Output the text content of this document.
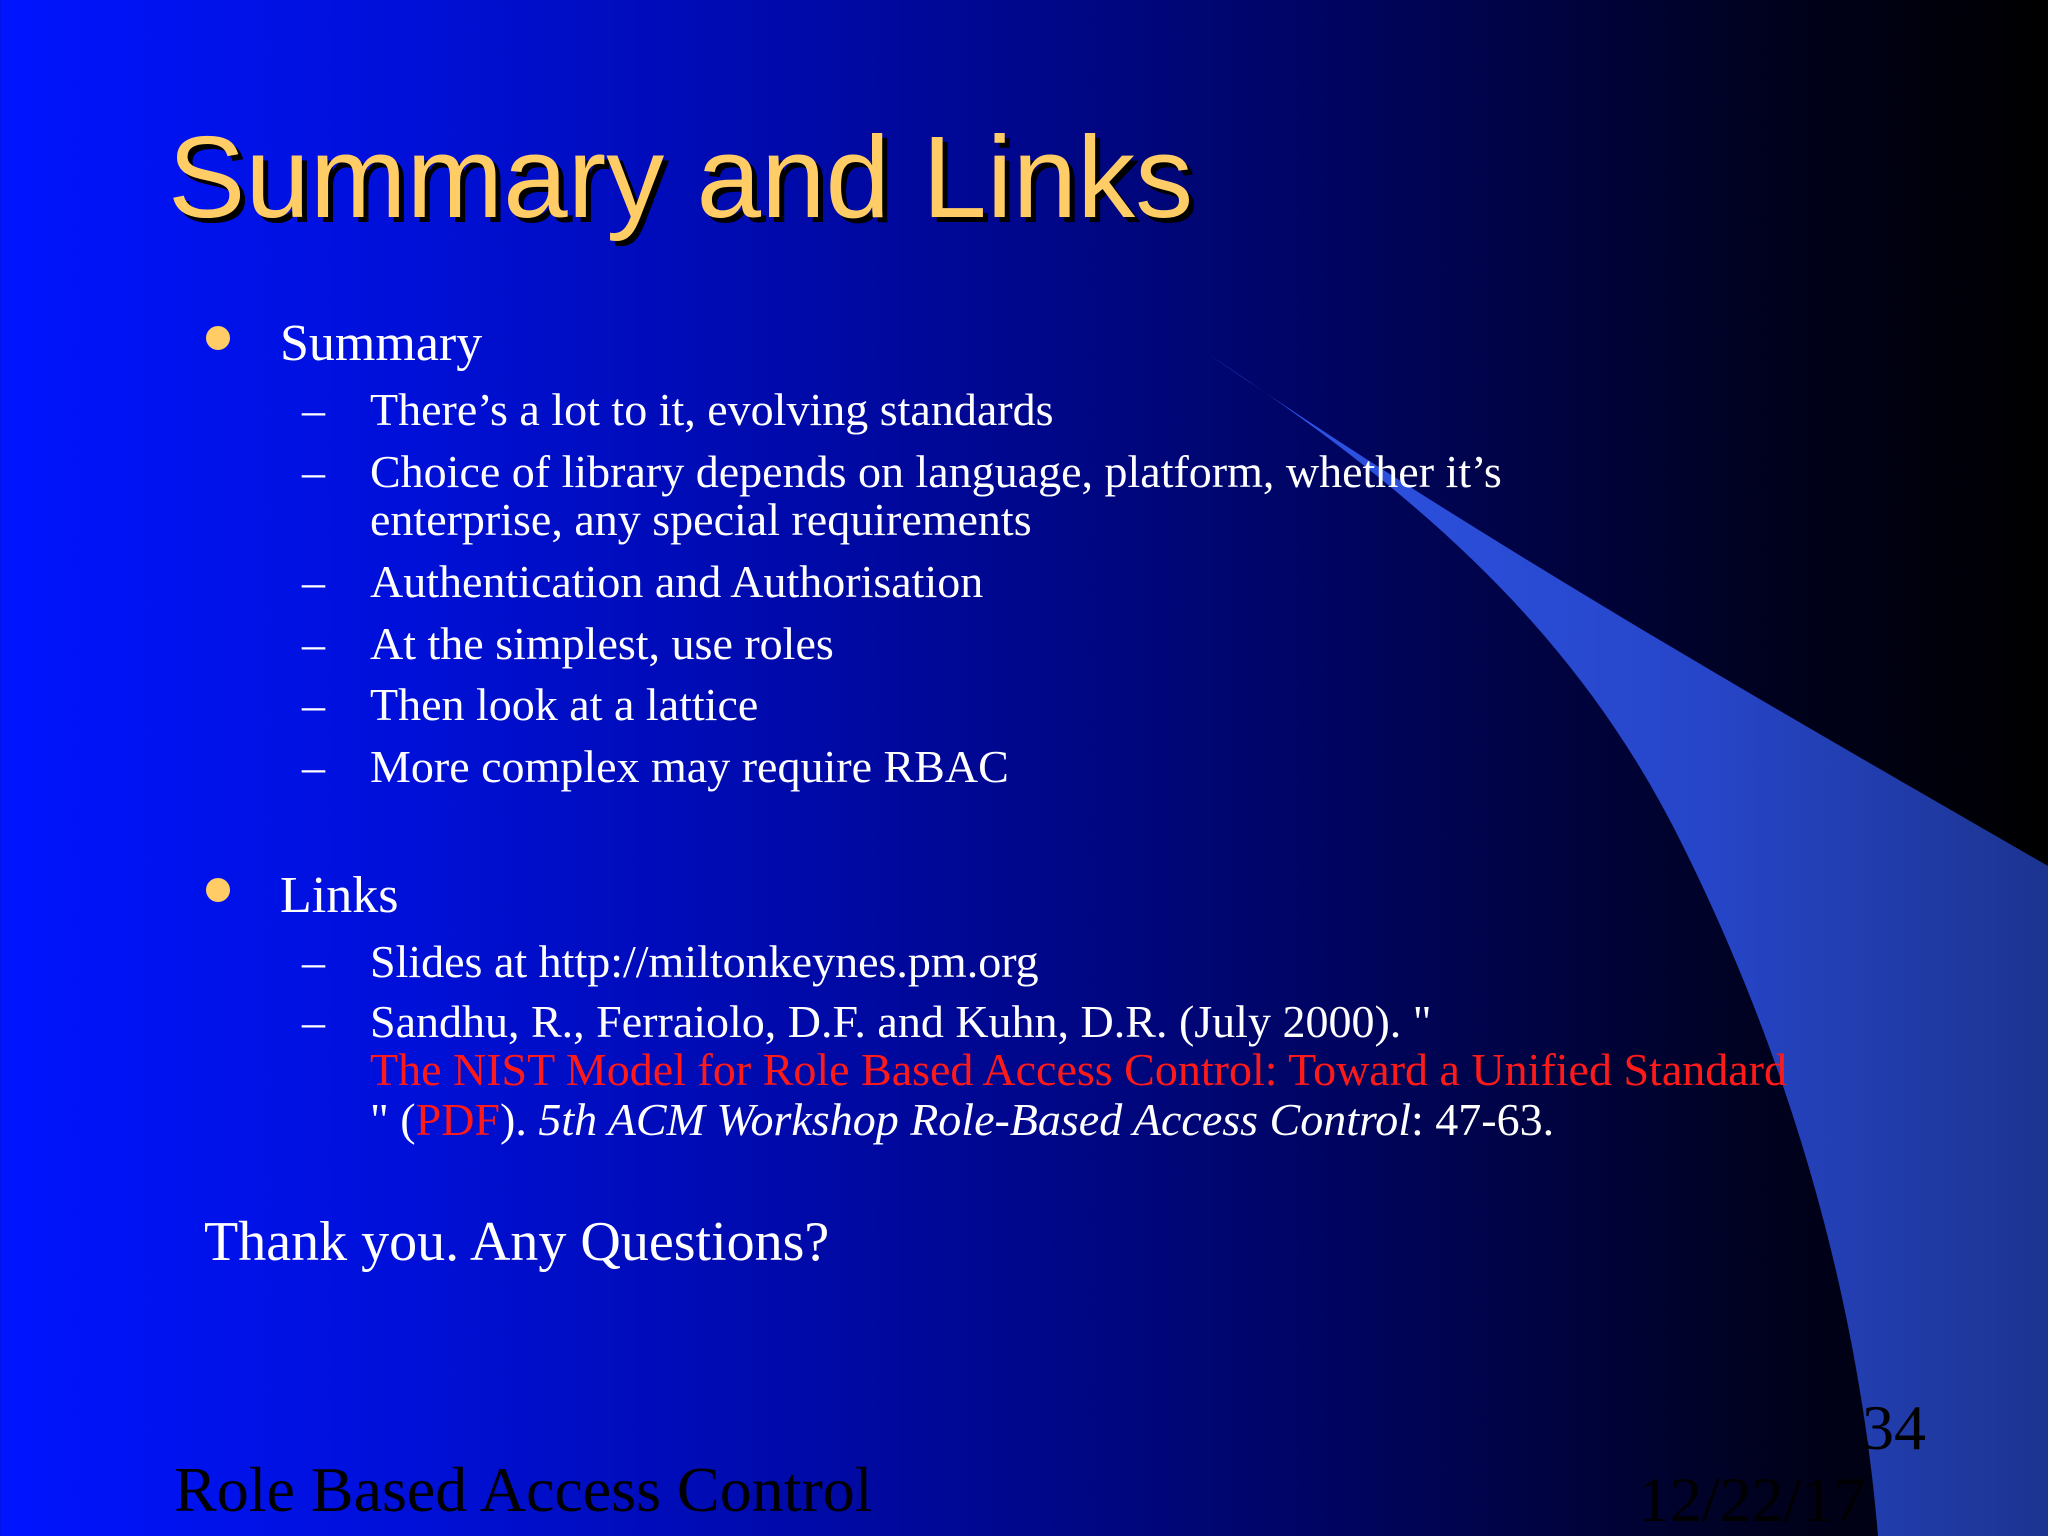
Summary and Links
Summary
– There’s a lot to it, evolving standards
– Choice of library depends on language, platform, whether it’s
enterprise, any special requirements
– Authentication and Authorisation
– At the simplest, use roles
– Then look at a lattice
– More complex may require RBAC
Links
– Slides at http://miltonkeynes.pm.org
– Sandhu, R., Ferraiolo, D.F. and Kuhn, D.R. (July 2000). "
The NIST Model for Role Based Access Control: Toward a Unified Standard
" (PDF). 5th ACM Workshop Role-Based Access Control: 47-63.
Thank you. Any Questions?
Role Based Access Control
34
12/22/17
